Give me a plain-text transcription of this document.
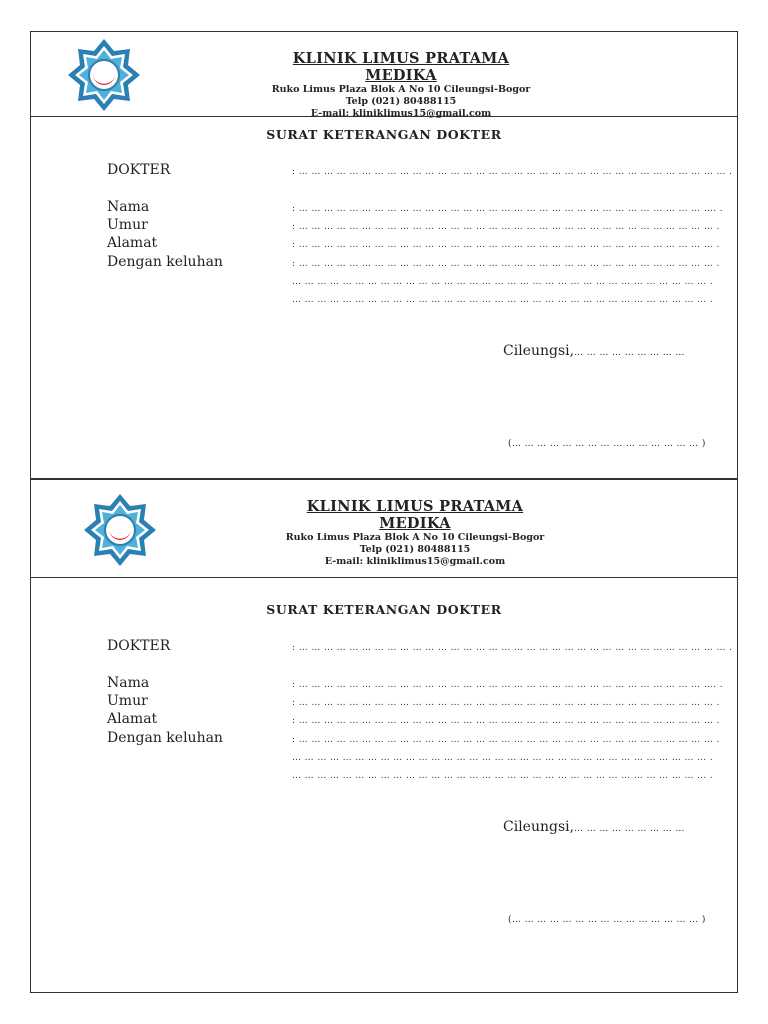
KLINIK LIMUS PRATAMA MEDIKA
Ruko Limus Plaza Blok A No 10 Cileungsi-Bogor
Telp (021) 80488115
E-mail: kliniklimus15@gmail.com
SURAT KETERANGAN DOKTER
DOKTER	: … … … … … … … … … … … … … … … … … … … … … … … … … … … … … … … … … … .
Nama	: … … … … … … … … … … … … … … … … … … … … … … … … … … … … … … … … …. .
Umur	: … … … … … … … … … … … … … … … … … … … … … … … … … … … … … … … … … .
Alamat	: … … … … … … … … … … … … … … … … … … … … … … … … … … … … … … … … … .
Dengan keluhan	: … … … … … … … … … … … … … … … … … … … … … … … … … … … … … … … … … .
… … … … … … … … … … … … … … … … … … … … … … … … … … … … … … … … … .
… … … … … … … … … … … … … … … … … … … … … … … … … … … … … … … … … .
Cileungsi,… … … … … … … … …
(… … … … … … … … … … … … … … … )
KLINIK LIMUS PRATAMA MEDIKA
Ruko Limus Plaza Blok A No 10 Cileungsi-Bogor
Telp (021) 80488115
E-mail: kliniklimus15@gmail.com
SURAT KETERANGAN DOKTER
DOKTER	: … … … … … … … … … … … … … … … … … … … … … … … … … … … … … … … … … … .
Nama	: … … … … … … … … … … … … … … … … … … … … … … … … … … … … … … … … …. .
Umur	: … … … … … … … … … … … … … … … … … … … … … … … … … … … … … … … … … .
Alamat	: … … … … … … … … … … … … … … … … … … … … … … … … … … … … … … … … … .
Dengan keluhan	: … … … … … … … … … … … … … … … … … … … … … … … … … … … … … … … … … .
… … … … … … … … … … … … … … … … … … … … … … … … … … … … … … … … … .
… … … … … … … … … … … … … … … … … … … … … … … … … … … … … … … … … .
Cileungsi,… … … … … … … … …
(… … … … … … … … … … … … … … … )
